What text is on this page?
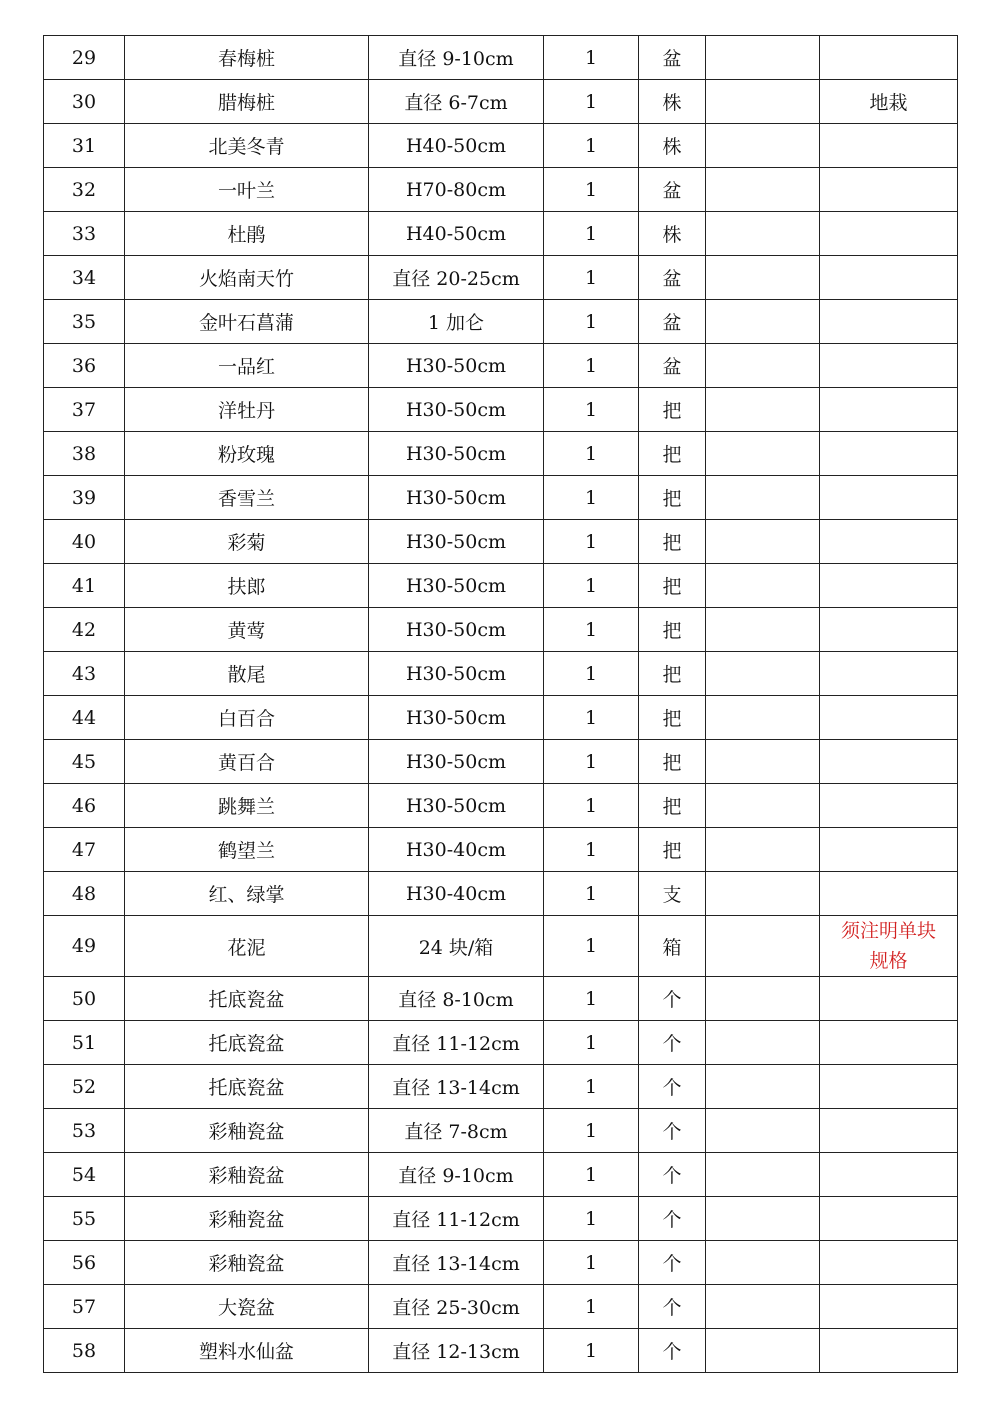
29	春梅桩	直径 9-10cm	1	盆		
30	腊梅桩	直径 6-7cm	1	株		地栽
31	北美冬青	H40-50cm	1	株		
32	一叶兰	H70-80cm	1	盆		
33	杜鹃	H40-50cm	1	株		
34	火焰南天竹	直径 20-25cm	1	盆		
35	金叶石菖蒲	1 加仑	1	盆		
36	一品红	H30-50cm	1	盆		
37	洋牡丹	H30-50cm	1	把		
38	粉玫瑰	H30-50cm	1	把		
39	香雪兰	H30-50cm	1	把		
40	彩菊	H30-50cm	1	把		
41	扶郎	H30-50cm	1	把		
42	黄莺	H30-50cm	1	把		
43	散尾	H30-50cm	1	把		
44	白百合	H30-50cm	1	把		
45	黄百合	H30-50cm	1	把		
46	跳舞兰	H30-50cm	1	把		
47	鹤望兰	H30-40cm	1	把		
48	红、绿掌	H30-40cm	1	支		
49	花泥	24 块/箱	1	箱		须注明单块规格
50	托底瓷盆	直径 8-10cm	1	个		
51	托底瓷盆	直径 11-12cm	1	个		
52	托底瓷盆	直径 13-14cm	1	个		
53	彩釉瓷盆	直径 7-8cm	1	个		
54	彩釉瓷盆	直径 9-10cm	1	个		
55	彩釉瓷盆	直径 11-12cm	1	个		
56	彩釉瓷盆	直径 13-14cm	1	个		
57	大瓷盆	直径 25-30cm	1	个		
58	塑料水仙盆	直径 12-13cm	1	个		
